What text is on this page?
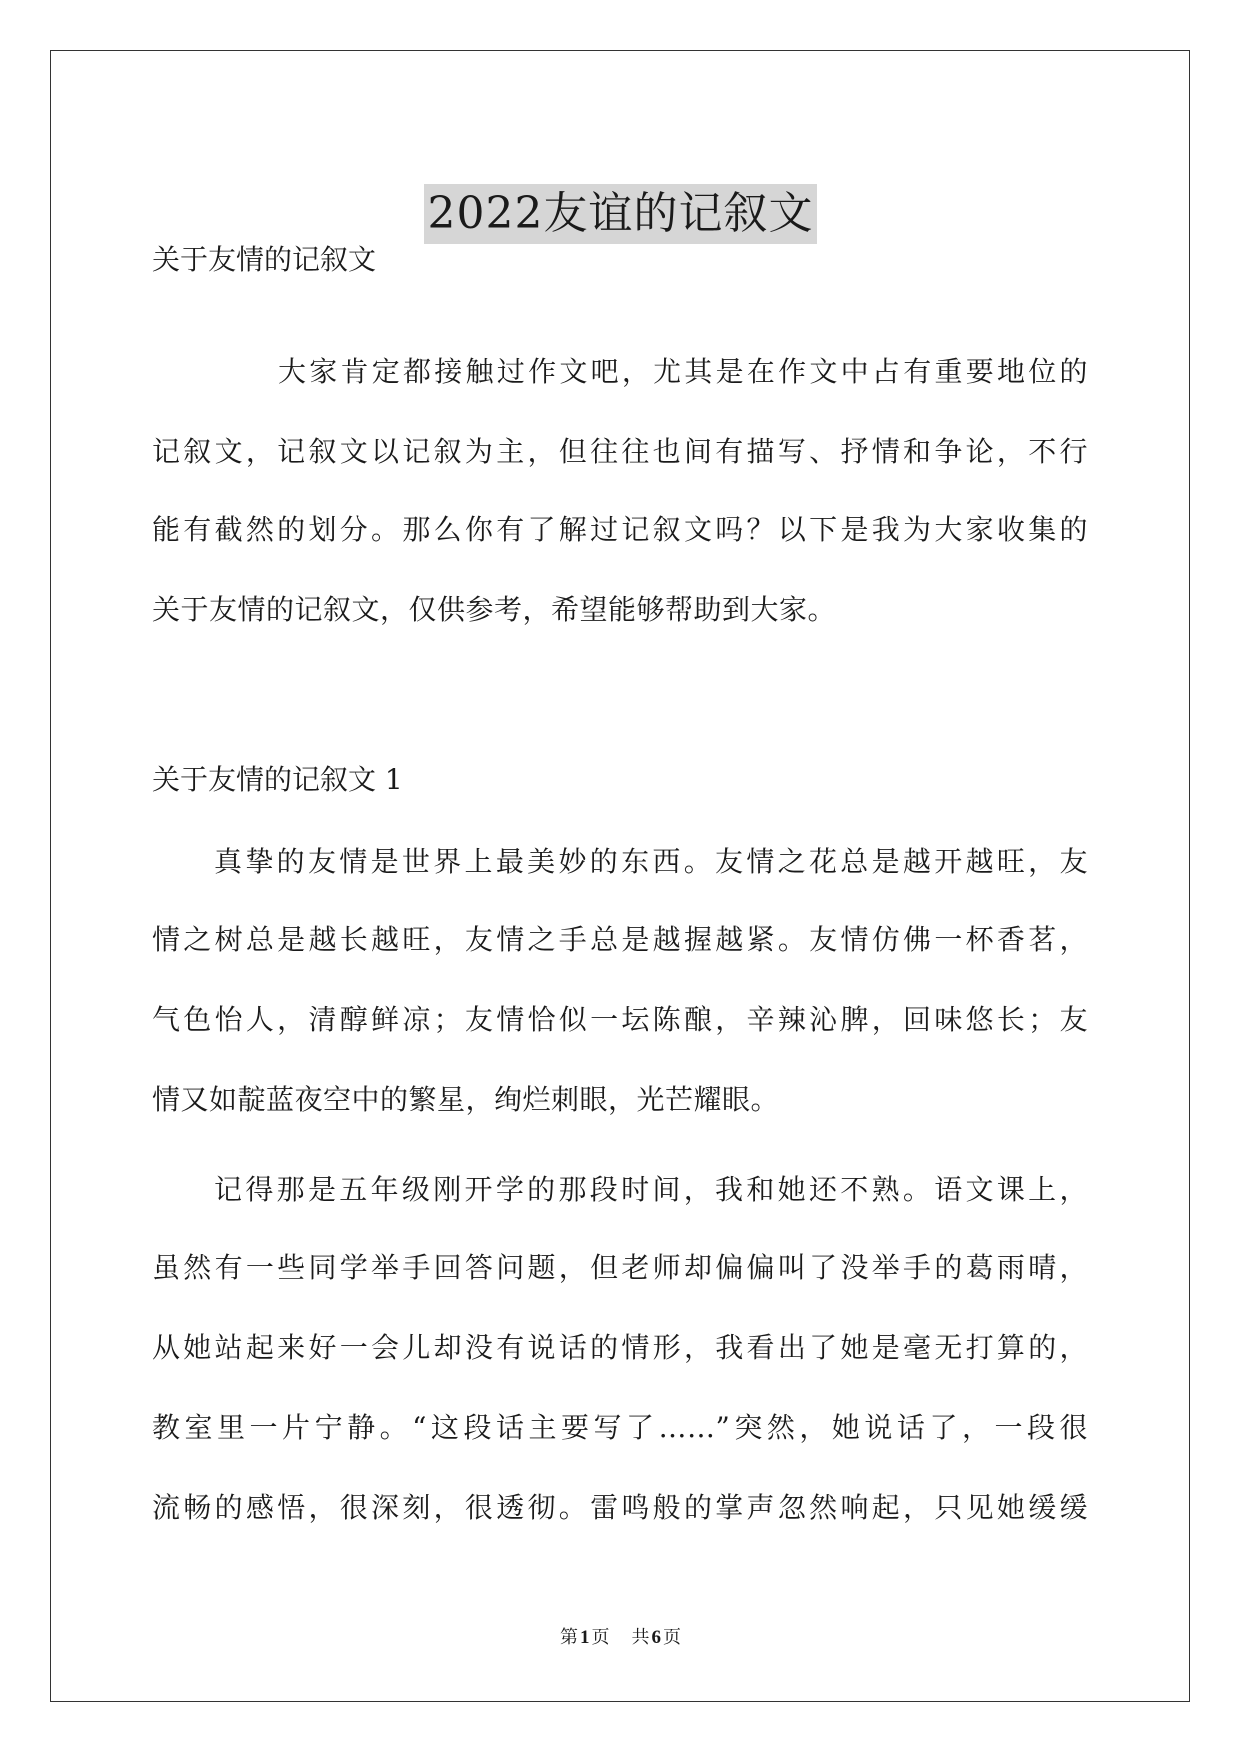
2022友谊的记叙文
关于友情的记叙文
大家肯定都接触过作文吧，尤其是在作文中占有重要地位的
记叙文，记叙文以记叙为主，但往往也间有描写、抒情和争论，不行
能有截然的划分。那么你有了解过记叙文吗？以下是我为大家收集的
关于友情的记叙文，仅供参考，希望能够帮助到大家。
关于友情的记叙文 1
真挚的友情是世界上最美妙的东西。友情之花总是越开越旺，友
情之树总是越长越旺，友情之手总是越握越紧。友情仿佛一杯香茗，
气色怡人，清醇鲜凉；友情恰似一坛陈酿，辛辣沁脾，回味悠长；友
情又如靛蓝夜空中的繁星，绚烂刺眼，光芒耀眼。
记得那是五年级刚开学的那段时间，我和她还不熟。语文课上，
虽然有一些同学举手回答问题，但老师却偏偏叫了没举手的葛雨晴，
从她站起来好一会儿却没有说话的情形，我看出了她是毫无打算的，
教室里一片宁静。“这段话主要写了……”突然，她说话了，一段很
流畅的感悟，很深刻，很透彻。雷鸣般的掌声忽然响起，只见她缓缓
第 1 页 共 6 页
